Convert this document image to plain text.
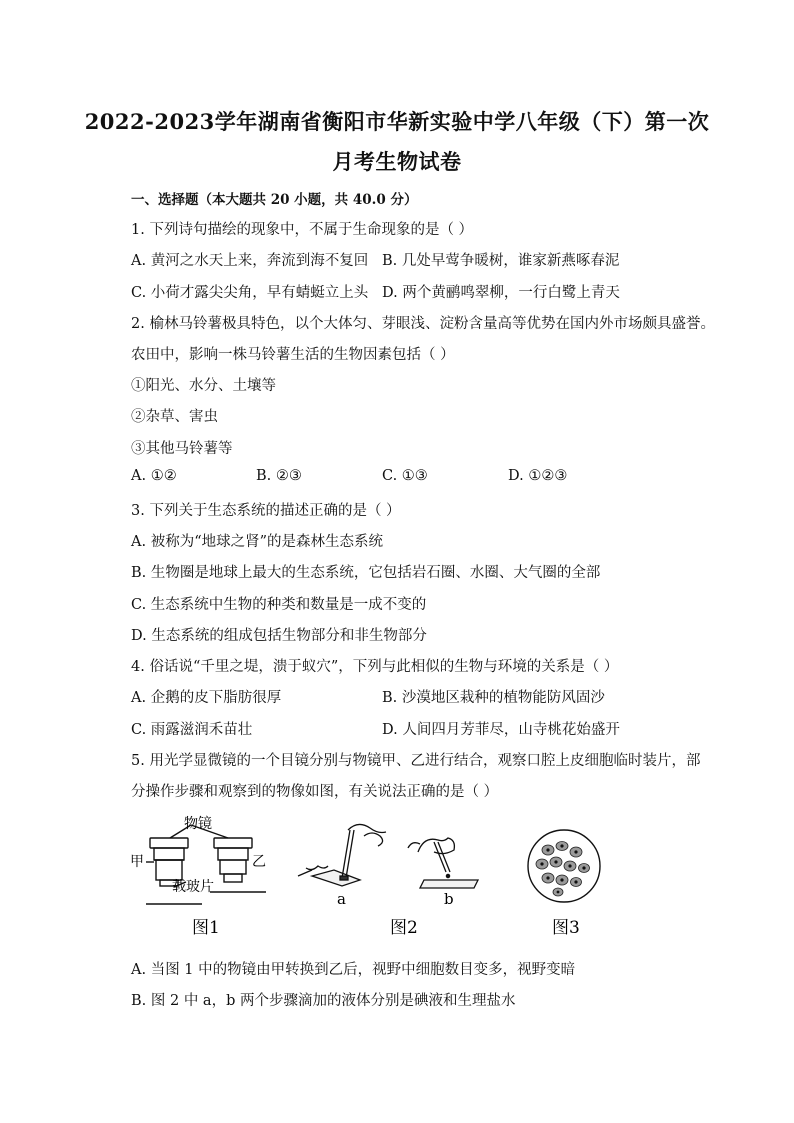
2022-2023学年湖南省衡阳市华新实验中学八年级（下）第一次
月考生物试卷
一、选择题（本大题共 20 小题，共 40.0 分）
1. 下列诗句描绘的现象中，不属于生命现象的是（ ）
A. 黄河之水天上来，奔流到海不复回 B. 几处早莺争暖树，谁家新燕啄春泥
C. 小荷才露尖尖角，早有蜻蜓立上头 D. 两个黄鹂鸣翠柳，一行白鹭上青天
2. 榆林马铃薯极具特色，以个大体匀、芽眼浅、淀粉含量高等优势在国内外市场颇具盛誉。
农田中，影响一株马铃薯生活的生物因素包括（ ）
①阳光、水分、土壤等
②杂草、害虫
③其他马铃薯等
A. ①②	B. ②③	C. ①③	D. ①②③
3. 下列关于生态系统的描述正确的是（ ）
A. 被称为“地球之肾”的是森林生态系统
B. 生物圈是地球上最大的生态系统，它包括岩石圈、水圈、大气圈的全部
C. 生态系统中生物的种类和数量是一成不变的
D. 生态系统的组成包括生物部分和非生物部分
4. 俗话说“千里之堤，溃于蚁穴”，下列与此相似的生物与环境的关系是（ ）
A. 企鹅的皮下脂肪很厚	B. 沙漠地区栽种的植物能防风固沙
C. 雨露滋润禾苗壮	D. 人间四月芳菲尽，山寺桃花始盛开
5. 用光学显微镜的一个目镜分别与物镜甲、乙进行结合，观察口腔上皮细胞临时装片，部
分操作步骤和观察到的物像如图，有关说法正确的是（ ）
物镜
甲	乙
载玻片
图1
a	b
图2	图3
A. 当图 1 中的物镜由甲转换到乙后，视野中细胞数目变多，视野变暗
B. 图 2 中 a，b 两个步骤滴加的液体分别是碘液和生理盐水
